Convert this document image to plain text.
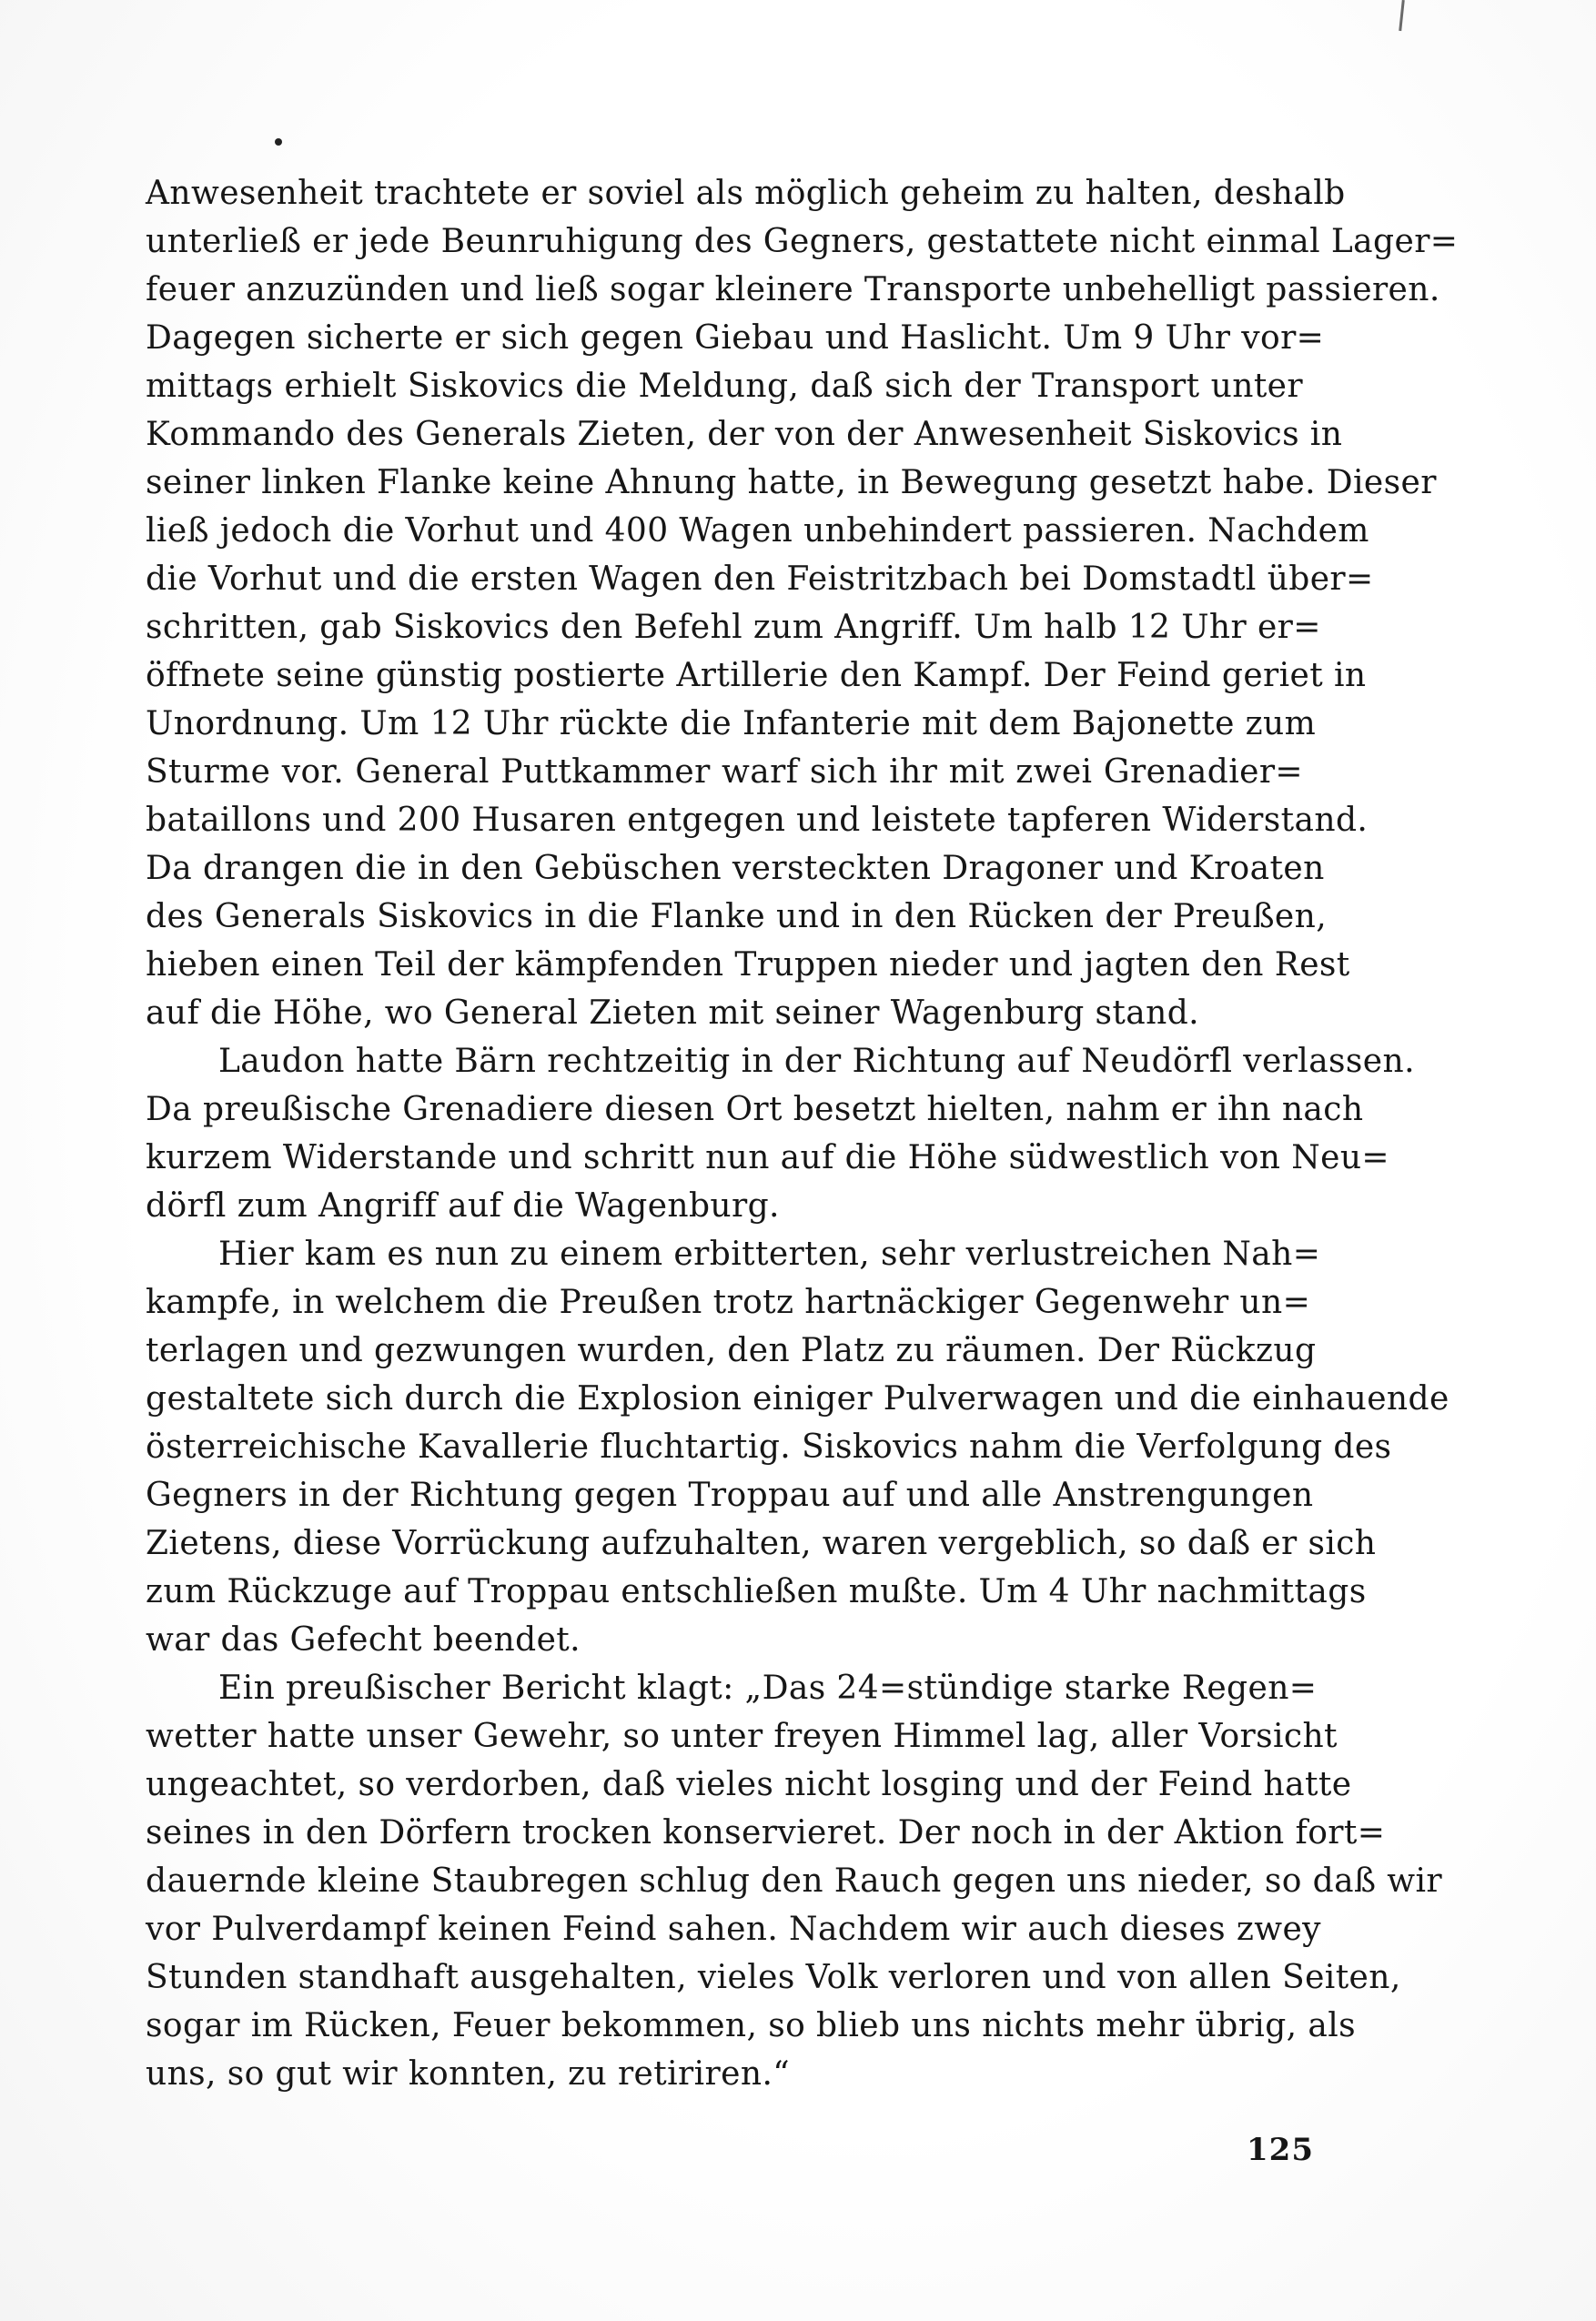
Anwesenheit trachtete er soviel als möglich geheim zu halten, deshalb
unterließ er jede Beunruhigung des Gegners, gestattete nicht einmal Lager=
feuer anzuzünden und ließ sogar kleinere Transporte unbehelligt passieren.
Dagegen sicherte er sich gegen Giebau und Haslicht. Um 9 Uhr vor=
mittags erhielt Siskovics die Meldung, daß sich der Transport unter
Kommando des Generals Zieten, der von der Anwesenheit Siskovics in
seiner linken Flanke keine Ahnung hatte, in Bewegung gesetzt habe. Dieser
ließ jedoch die Vorhut und 400 Wagen unbehindert passieren. Nachdem
die Vorhut und die ersten Wagen den Feistritzbach bei Domstadtl über=
schritten, gab Siskovics den Befehl zum Angriff. Um halb 12 Uhr er=
öffnete seine günstig postierte Artillerie den Kampf. Der Feind geriet in
Unordnung. Um 12 Uhr rückte die Infanterie mit dem Bajonette zum
Sturme vor. General Puttkammer warf sich ihr mit zwei Grenadier=
bataillons und 200 Husaren entgegen und leistete tapferen Widerstand.
Da drangen die in den Gebüschen versteckten Dragoner und Kroaten
des Generals Siskovics in die Flanke und in den Rücken der Preußen,
hieben einen Teil der kämpfenden Truppen nieder und jagten den Rest
auf die Höhe, wo General Zieten mit seiner Wagenburg stand.
Laudon hatte Bärn rechtzeitig in der Richtung auf Neudörfl verlassen.
Da preußische Grenadiere diesen Ort besetzt hielten, nahm er ihn nach
kurzem Widerstande und schritt nun auf die Höhe südwestlich von Neu=
dörfl zum Angriff auf die Wagenburg.
Hier kam es nun zu einem erbitterten, sehr verlustreichen Nah=
kampfe, in welchem die Preußen trotz hartnäckiger Gegenwehr un=
terlagen und gezwungen wurden, den Platz zu räumen. Der Rückzug
gestaltete sich durch die Explosion einiger Pulverwagen und die einhauende
österreichische Kavallerie fluchtartig. Siskovics nahm die Verfolgung des
Gegners in der Richtung gegen Troppau auf und alle Anstrengungen
Zietens, diese Vorrückung aufzuhalten, waren vergeblich, so daß er sich
zum Rückzuge auf Troppau entschließen mußte. Um 4 Uhr nachmittags
war das Gefecht beendet.
Ein preußischer Bericht klagt: „Das 24=stündige starke Regen=
wetter hatte unser Gewehr, so unter freyen Himmel lag, aller Vorsicht
ungeachtet, so verdorben, daß vieles nicht losging und der Feind hatte
seines in den Dörfern trocken konservieret. Der noch in der Aktion fort=
dauernde kleine Staubregen schlug den Rauch gegen uns nieder, so daß wir
vor Pulverdampf keinen Feind sahen. Nachdem wir auch dieses zwey
Stunden standhaft ausgehalten, vieles Volk verloren und von allen Seiten,
sogar im Rücken, Feuer bekommen, so blieb uns nichts mehr übrig, als
uns, so gut wir konnten, zu retiriren.“
125
